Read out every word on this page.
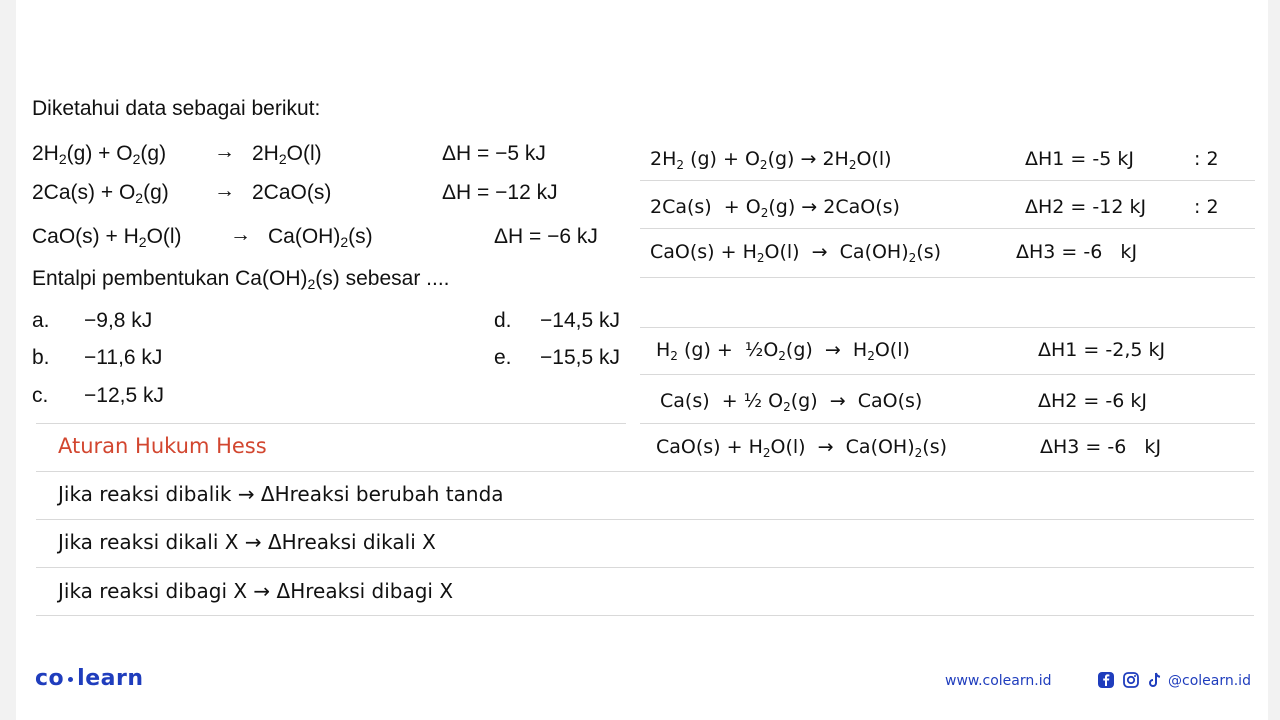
Diketahui data sebagai berikut:
$2H_2(g) + O_2(g) \to 2H_2O(l)$	ΔH = −5 kJ
$2Ca(s) + O_2(g) \to 2CaO(s)$	ΔH = −12 kJ
$CaO(s) + H_2O(l) \to Ca(OH)_2(s)$	ΔH = −6 kJ
Entalpi pembentukan $Ca(OH)_2(s)$ sebesar ....
a. −9,8 kJ
b. −11,6 kJ
c. −12,5 kJ
d. −14,5 kJ
e. −15,5 kJ
$2H_2$ $(g) + O_2(g) \to 2H_2O(l)$	ΔH1 = -5 kJ	: 2
$2Ca(s) + O_2(g) \to 2CaO(s)$	ΔH2 = -12 kJ	: 2
$CaO(s) + H_2O(l) \to Ca(OH)_2(s)$	ΔH3 = -6   kJ
$H_2$ $(g) + \frac{1}{2}O_2(g) \to H_2O(l)$	ΔH1 = -2,5 kJ
Ca(s)  + ½ $O_2(g) \to CaO(s)$	ΔH2 = -6 kJ
$CaO(s) + H_2O(l) \to Ca(OH)_2(s)$	ΔH3 = -6   kJ
Aturan Hukum Hess
Jika reaksi dibalik → ΔHreaksi berubah tanda
Jika reaksi dikali X → ΔHreaksi dikali X
Jika reaksi dibagi X → ΔHreaksi dibagi X
co learn	www.colearn.id	@colearn.id
